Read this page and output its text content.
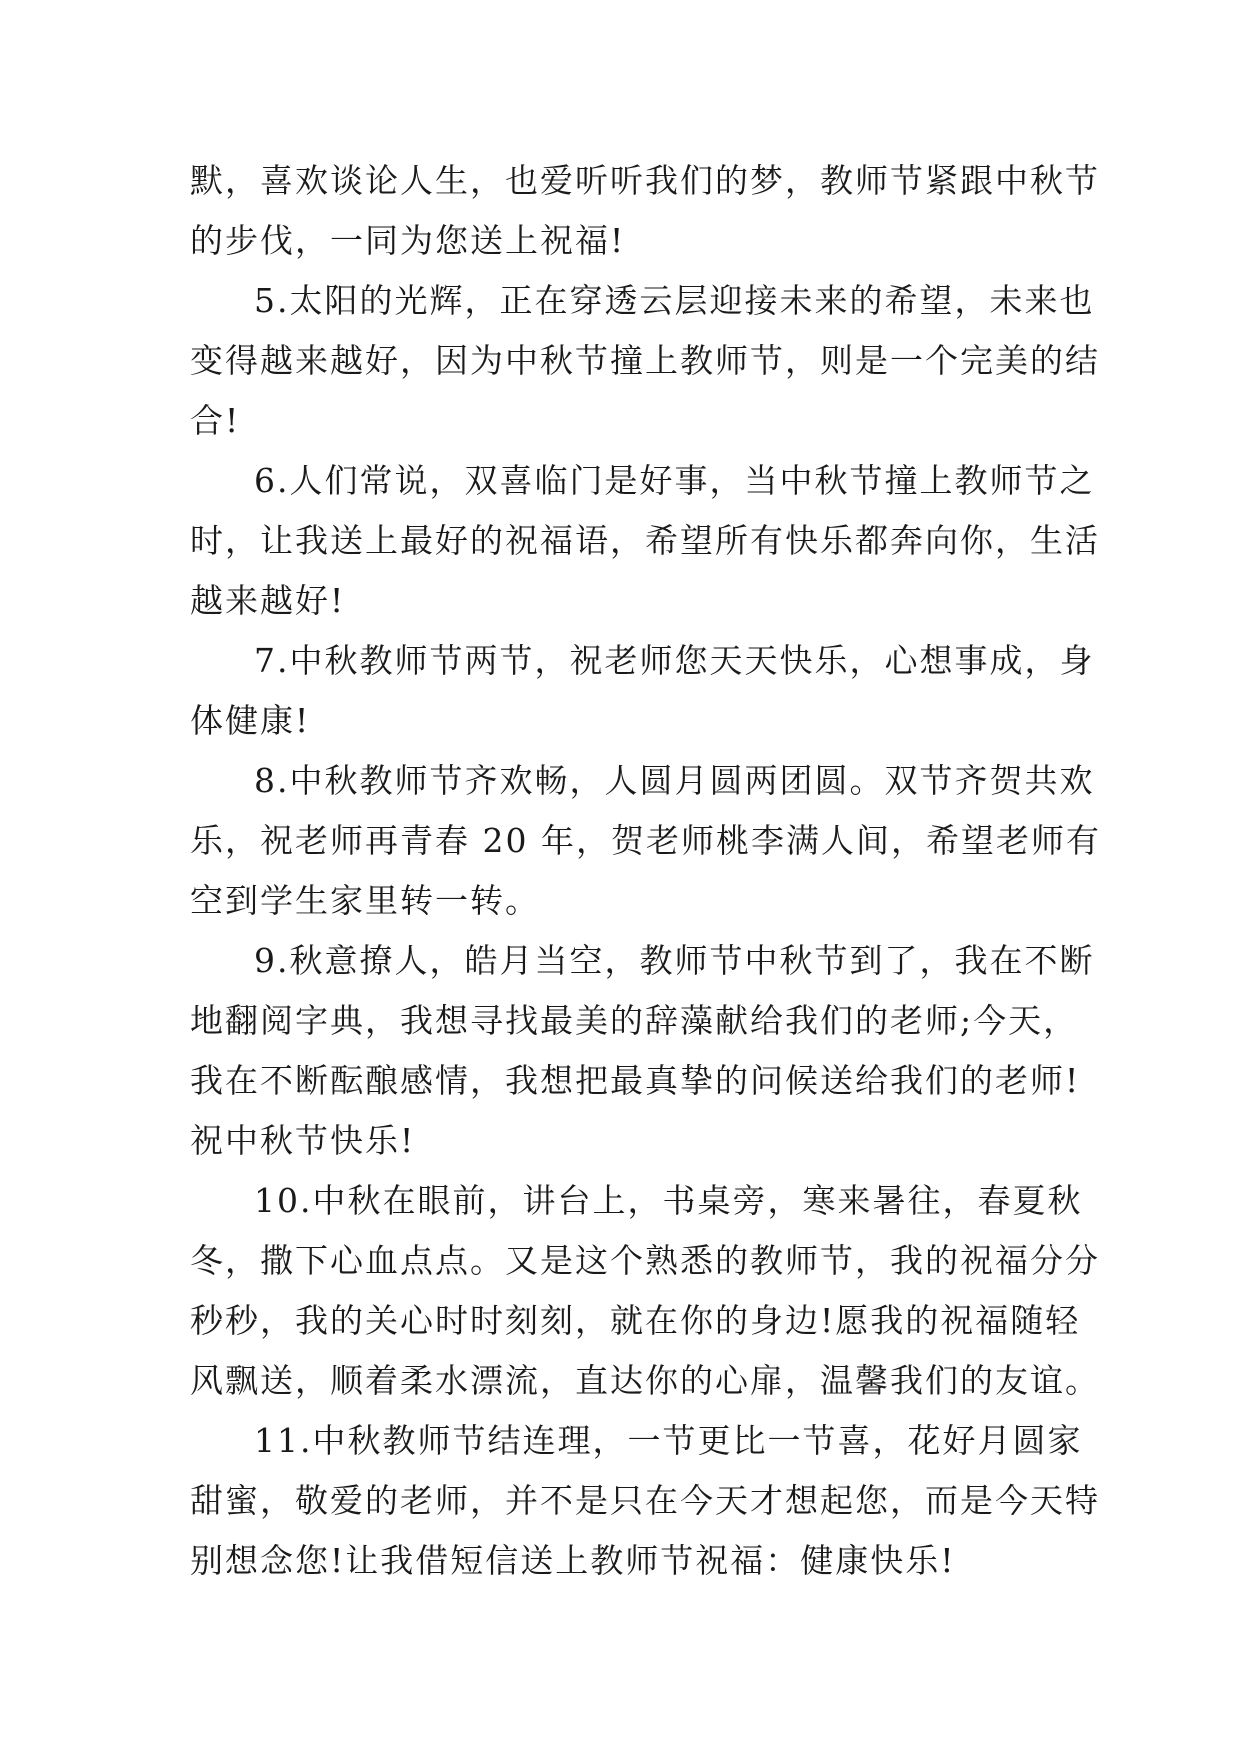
默，喜欢谈论人生，也爱听听我们的梦，教师节紧跟中秋节
的步伐，一同为您送上祝福!
5.太阳的光辉，正在穿透云层迎接未来的希望，未来也
变得越来越好，因为中秋节撞上教师节，则是一个完美的结
合!
6.人们常说，双喜临门是好事，当中秋节撞上教师节之
时，让我送上最好的祝福语，希望所有快乐都奔向你，生活
越来越好!
7.中秋教师节两节，祝老师您天天快乐，心想事成，身
体健康!
8.中秋教师节齐欢畅，人圆月圆两团圆。双节齐贺共欢
乐，祝老师再青春 20 年，贺老师桃李满人间，希望老师有
空到学生家里转一转。
9.秋意撩人，皓月当空，教师节中秋节到了，我在不断
地翻阅字典，我想寻找最美的辞藻献给我们的老师;今天，
我在不断酝酿感情，我想把最真挚的问候送给我们的老师!
祝中秋节快乐!
10.中秋在眼前，讲台上，书桌旁，寒来暑往，春夏秋
冬，撒下心血点点。又是这个熟悉的教师节，我的祝福分分
秒秒，我的关心时时刻刻，就在你的身边!愿我的祝福随轻
风飘送，顺着柔水漂流，直达你的心扉，温馨我们的友谊。
11.中秋教师节结连理，一节更比一节喜，花好月圆家
甜蜜，敬爱的老师，并不是只在今天才想起您，而是今天特
别想念您!让我借短信送上教师节祝福：健康快乐!
